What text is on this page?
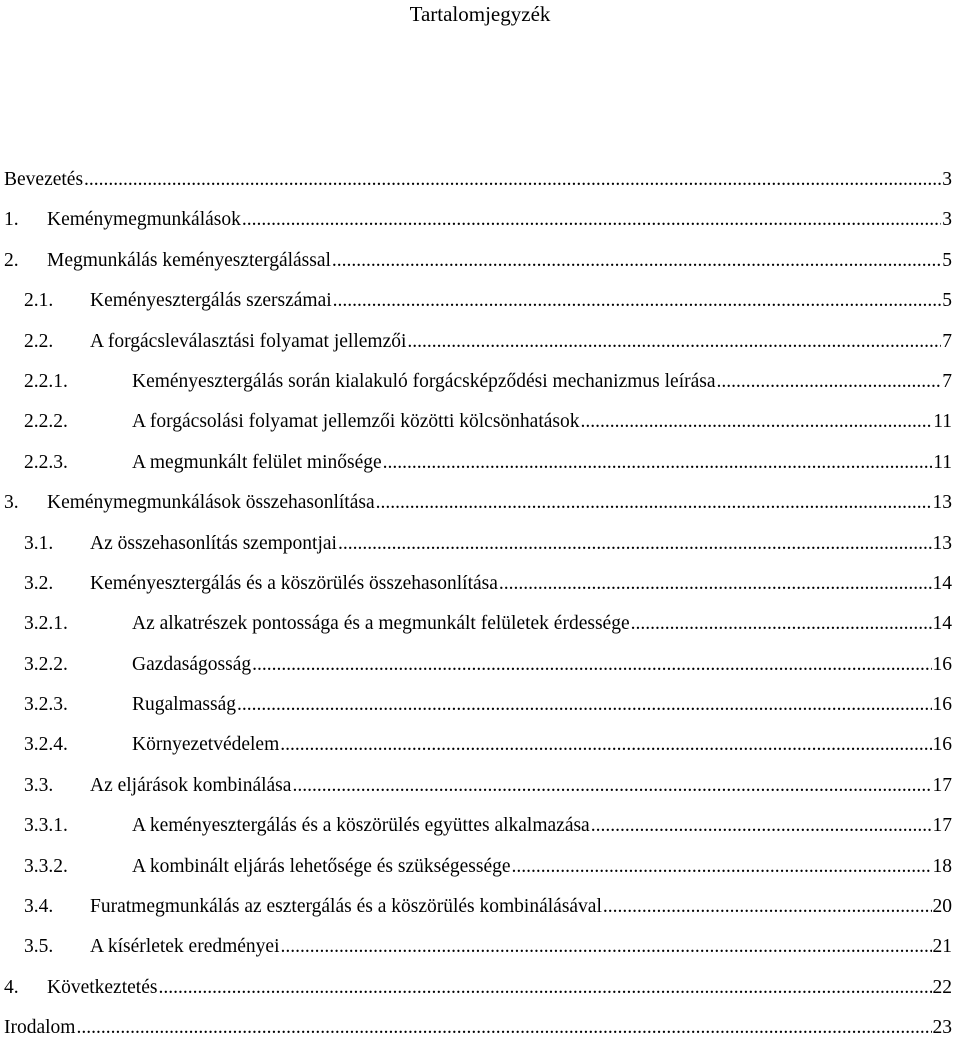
Tartalomjegyzék
Bevezetés .....	3
1.	Keménymegmunkálások .....	3
2.	Megmunkálás keményesztergálással .....	5
2.1.	Keményesztergálás szerszámai .....	5
2.2.	A forgácsleválasztási folyamat jellemzői .....	7
2.2.1.	Keményesztergálás során kialakuló forgácsképződési mechanizmus leírása .....	7
2.2.2.	A forgácsolási folyamat jellemzői közötti kölcsönhatások .....	11
2.2.3.	A megmunkált felület minősége .....	11
3.	Keménymegmunkálások összehasonlítása .....	13
3.1.	Az összehasonlítás szempontjai .....	13
3.2.	Keményesztergálás és a köszörülés összehasonlítása .....	14
3.2.1.	Az alkatrészek pontossága és a megmunkált felületek érdessége .....	14
3.2.2.	Gazdaságosság .....	16
3.2.3.	Rugalmasság .....	16
3.2.4.	Környezetvédelem .....	16
3.3.	Az eljárások kombinálása .....	17
3.3.1.	A keményesztergálás és a köszörülés együttes alkalmazása .....	17
3.3.2.	A kombinált eljárás lehetősége és szükségessége .....	18
3.4.	Furatmegmunkálás az esztergálás és a köszörülés kombinálásával .....	20
3.5.	A kísérletek eredményei .....	21
4.	Következtetés .....	22
Irodalom .....	23
